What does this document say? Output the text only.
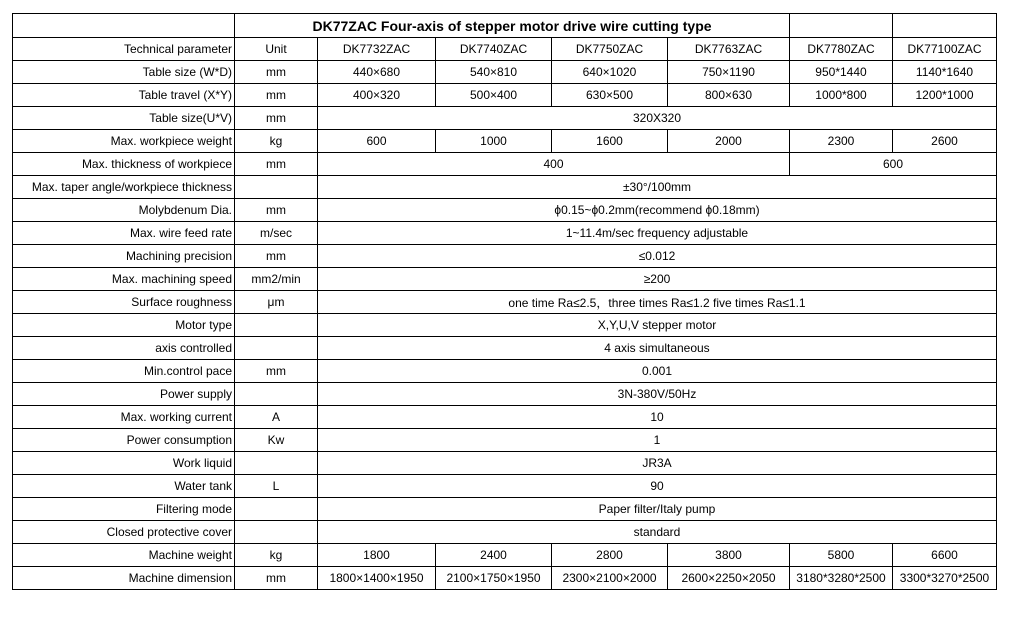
	DK77ZAC Four-axis of stepper motor drive wire cutting type						
Technical parameter	Unit	DK7732ZAC	DK7740ZAC	DK7750ZAC	DK7763ZAC	DK7780ZAC	DK77100ZAC
Table size (W*D)	mm	440×680	540×810	640×1020	750×1190	950*1440	1140*1640
Table travel (X*Y)	mm	400×320	500×400	630×500	800×630	1000*800	1200*1000
Table size(U*V)	mm	320X320					
Max. workpiece weight	kg	600	1000	1600	2000	2300	2600
Max. thickness of workpiece	mm	400				600	
Max. taper angle/workpiece thickness		±30°/100mm					
Molybdenum Dia.	mm	ϕ0.15~ϕ0.2mm(recommend ϕ0.18mm)					
Max. wire feed rate	m/sec	1~11.4m/sec frequency adjustable					
Machining precision	mm	≤0.012					
Max. machining speed	mm2/min	≥200					
Surface roughness	μm	one time Ra≤2.5，three times Ra≤1.2 five times Ra≤1.1					
Motor type		X,Y,U,V stepper motor					
axis controlled		4 axis simultaneous					
Min.control pace	mm	0.001					
Power supply		3N-380V/50Hz					
Max. working current	A	10					
Power consumption	Kw	1					
Work liquid		JR3A					
Water tank	L	90					
Filtering mode		Paper filter/Italy pump					
Closed protective cover		standard					
Machine weight	kg	1800	2400	2800	3800	5800	6600
Machine dimension	mm	1800×1400×1950	2100×1750×1950	2300×2100×2000	2600×2250×2050	3180*3280*2500	3300*3270*2500
